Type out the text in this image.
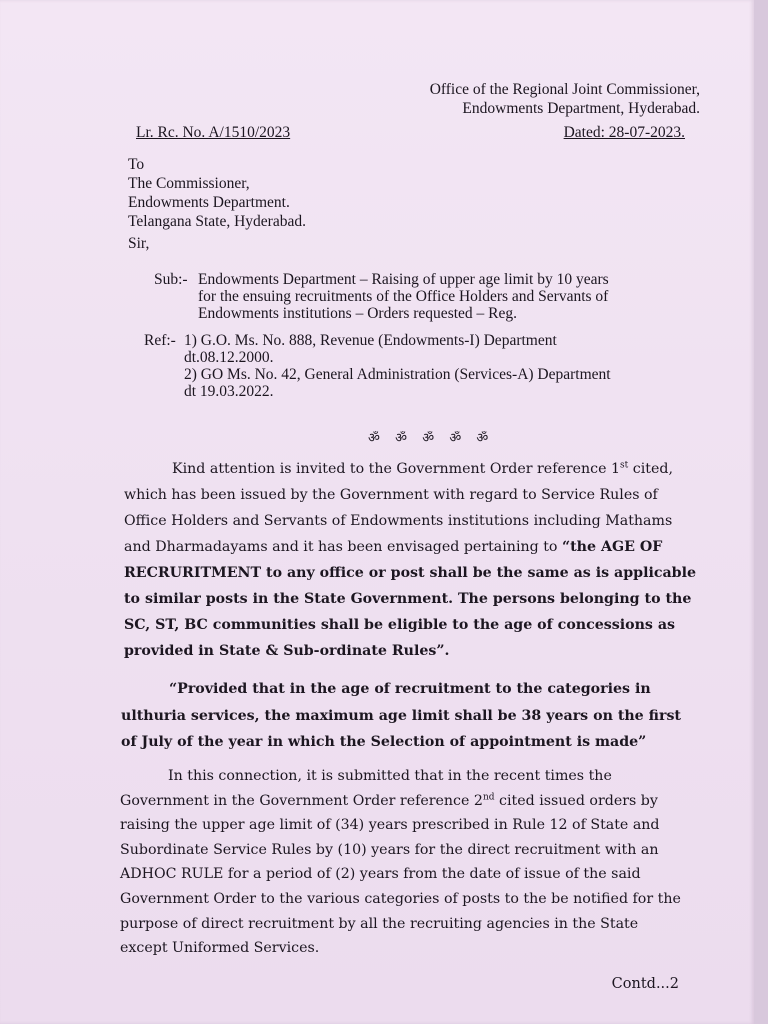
Office of the Regional Joint Commissioner,
Endowments Department, Hyderabad.
Lr. Rc. No. A/1510/2023	Dated: 28-07-2023.
To
The Commissioner,
Endowments Department.
Telangana State, Hyderabad.
Sir,
Sub:- Endowments Department – Raising of upper age limit by 10 years
for the ensuing recruitments of the Office Holders and Servants of
Endowments institutions – Orders requested – Reg.
Ref:- 1) G.O. Ms. No. 888, Revenue (Endowments-I) Department
dt.08.12.2000.
2) GO Ms. No. 42, General Administration (Services-A) Department
dt 19.03.2022.
ॐ ॐ ॐ ॐ ॐ
Kind attention is invited to the Government Order reference 1st cited,
which has been issued by the Government with regard to Service Rules of
Office Holders and Servants of Endowments institutions including Mathams
and Dharmadayams and it has been envisaged pertaining to “the AGE OF
RECRURITMENT to any office or post shall be the same as is applicable
to similar posts in the State Government. The persons belonging to the
SC, ST, BC communities shall be eligible to the age of concessions as
provided in State & Sub-ordinate Rules”.
“Provided that in the age of recruitment to the categories in
ulthuria services, the maximum age limit shall be 38 years on the first
of July of the year in which the Selection of appointment is made”
In this connection, it is submitted that in the recent times the
Government in the Government Order reference 2nd cited issued orders by
raising the upper age limit of (34) years prescribed in Rule 12 of State and
Subordinate Service Rules by (10) years for the direct recruitment with an
ADHOC RULE for a period of (2) years from the date of issue of the said
Government Order to the various categories of posts to the be notified for the
purpose of direct recruitment by all the recruiting agencies in the State
except Uniformed Services.
Contd...2
